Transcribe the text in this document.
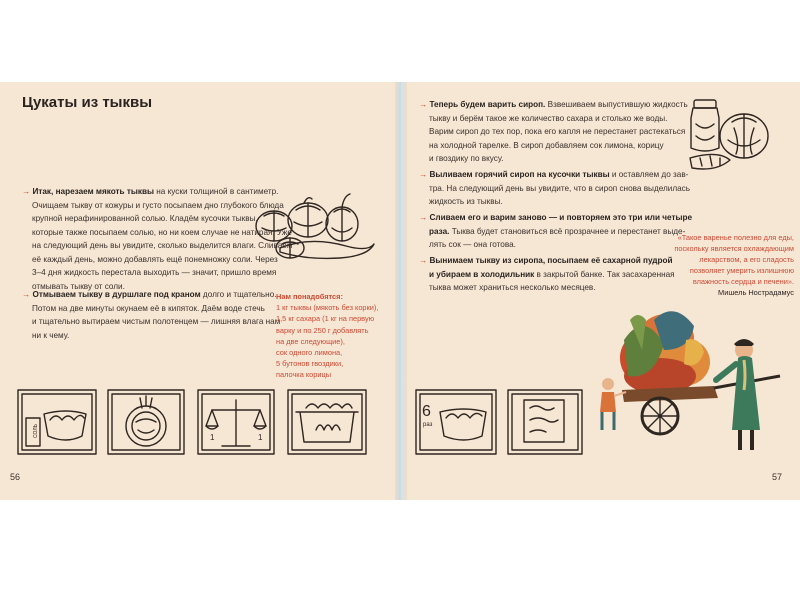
Цукаты из тыквы
→ Итак, нарезаем мякоть тыквы на куски толщиной в сантиметр.
Очищаем тыкву от кожуры и густо посыпаем дно глубокого блюда
крупной нерафинированной солью. Кладём кусочки тыквы,
которые также посыпаем солью, но ни коем случае не натирая. Уже
на следующий день вы увидите, сколько выделится влаги. Сливаем
её каждый день, можно добавлять ещё понемножку соли. Через
3–4 дня жидкость перестала выходить — значит, пришло время
отмывать тыкву от соли.
→ Отмываем тыкву в дуршлаге под краном долго и тщательно.
Потом на две минуты окунаем её в кипяток. Даём воде стечь
и тщательно вытираем чистым полотенцем — лишняя влага нам
ни к чему.
Нам понадобятся:
1 кг тыквы (мякоть без корки),
1,5 кг сахара (1 кг на первую
варку и по 250 г добавлять
на две следующие),
сок одного лимона,
5 бутонов гвоздики,
палочка корицы
→ Теперь будем варить сироп. Взвешиваем выпустившую жидкость
тыкву и берём такое же количество сахара и столько же воды.
Варим сироп до тех пор, пока его капля не перестанет растекаться
на холодной тарелке. В сироп добавляем сок лимона, корицу
и гвоздику по вкусу.
→ Выливаем горячий сироп на кусочки тыквы и оставляем до зав-
тра. На следующий день вы увидите, что в сироп снова выделилась
жидкость из тыквы.
→ Сливаем его и варим заново — и повторяем это три или четыре
раза. Тыква будет становиться всё прозрачнее и перестанет выде-
лять сок — она готова.
→ Вынимаем тыкву из сиропа, посыпаем её сахарной пудрой
и убираем в холодильник в закрытой банке. Так засахаренная
тыква может храниться несколько месяцев.
«Такое варенье полезно для еды, поскольку является охлаждающим лекарством, а его сладость позволяет умерить излишнюю влажность сердца и печени».
Мишель Нострадамус
СОЛЬ	1	1
6
раз
56	57
